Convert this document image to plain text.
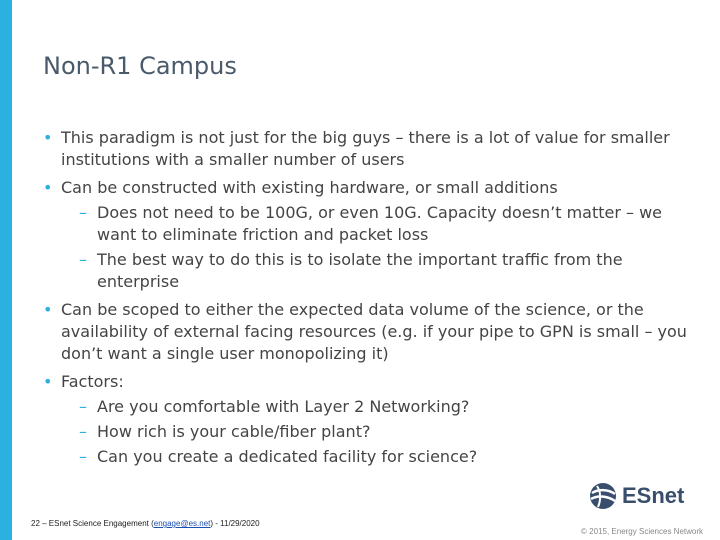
Non-R1 Campus
• This paradigm is not just for the big guys – there is a lot of value for smaller institutions with a smaller number of users
• Can be constructed with existing hardware, or small additions
– Does not need to be 100G, or even 10G. Capacity doesn’t matter – we want to eliminate friction and packet loss
– The best way to do this is to isolate the important traffic from the enterprise
• Can be scoped to either the expected data volume of the science, or the availability of external facing resources (e.g. if your pipe to GPN is small – you don’t want a single user monopolizing it)
• Factors:
– Are you comfortable with Layer 2 Networking?
– How rich is your cable/fiber plant?
– Can you create a dedicated facility for science?
ESnet
22 – ESnet Science Engagement (engage@es.net) - 11/29/2020
© 2015, Energy Sciences Network
